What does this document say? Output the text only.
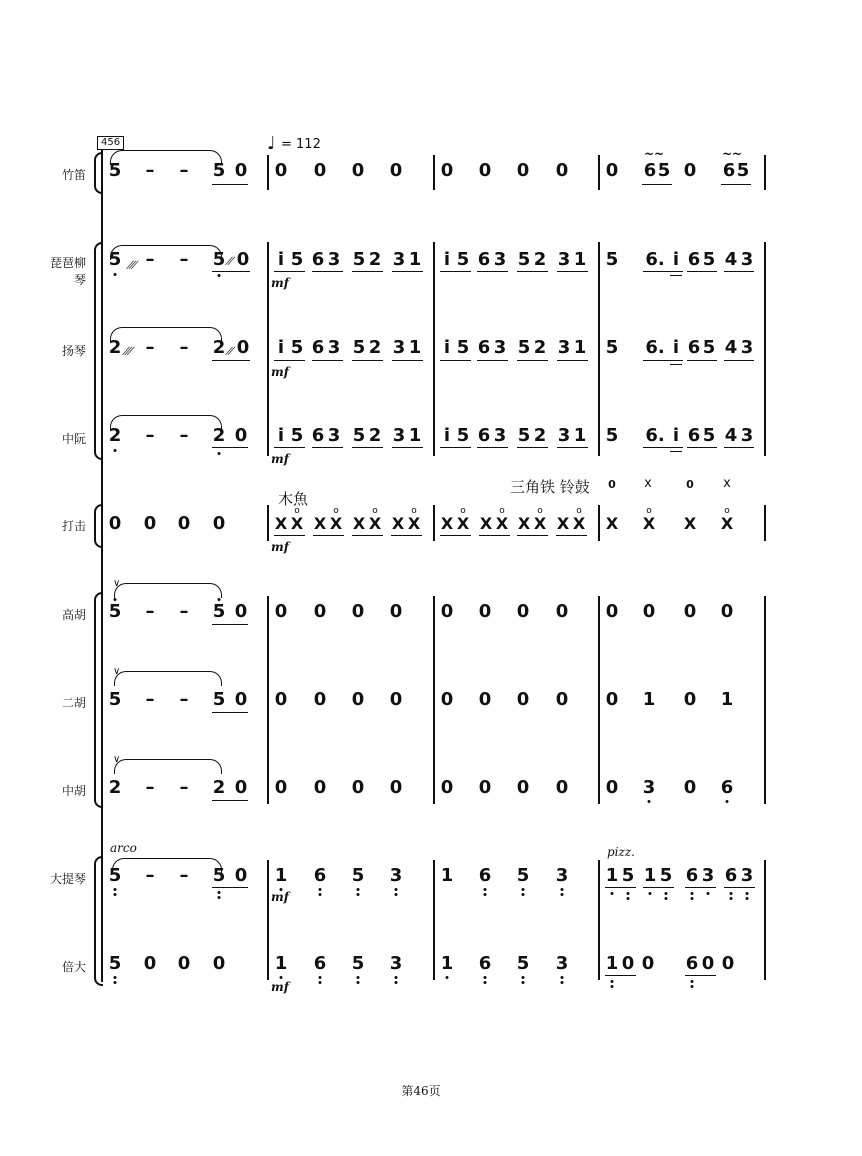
456	♩ = 112
竹笛
琵琶柳琴
扬琴
中阮
打击
高胡
二胡
中胡
大提琴
倍大
5 – – 5 0 0 0 0 0 0 0 0 0 0 6 5 0 6 5
~~	~~
5 /// – – 5 // 0 i 5 6 3 5 2 3 1
mf
i 5 6 3 5 2 3 1 5 6. i 6 5 4 3
2 /// – – 2 // 0 i 5 6 3 5 2 3 1
mf
i 5 6 3 5 2 3 1 5 6. i 6 5 4 3
2 – – 2 0 i 5 6 3 5 2 3 1
mf
i 5 6 3 5 2 3 1 5 6. i 6 5 4 3
三角铁 铃鼓 0 x	0 x
木魚
0 0 0 0	X X X X X X X X
o	o	o	o
mf
X X X X X X X X
o	o	o	o
X X X X
o	o
∨
5 – – 5 0 0 0 0 0 0 0 0 0 0 0 0 0
∨
5 – – 5 0 0 0 0 0 0 0 0 0 0 1 0 1
∨
2 – – 2 0 0 0 0 0 0 0 0 0 0 3 0 6
arco	pizz.
5 – – 5 0 1 6 5 3
mf
1 6 5 3 1 5 1 5 6 3 6 3
5 0 0 0	1 6 5 3
mf
1 6 5 3 1 0 0 6 0 0
第46页
